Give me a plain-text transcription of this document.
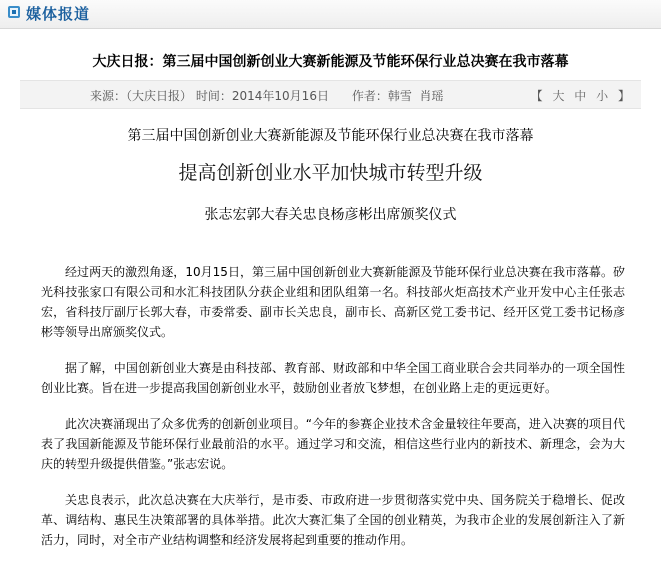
媒体报道
大庆日报：第三届中国创新创业大赛新能源及节能环保行业总决赛在我市落幕
来源：（大庆日报） 时间：2014年10月16日 作者：韩雪  肖瑶	【 大 中 小 】
第三届中国创新创业大赛新能源及节能环保行业总决赛在我市落幕
提高创新创业水平加快城市转型升级
张志宏郭大春关忠良杨彦彬出席颁奖仪式

经过两天的激烈角逐，10月15日，第三届中国创新创业大赛新能源及节能环保行业总决赛在我市落幕。矽光科技张家口有限公司和水汇科技团队分获企业组和团队组第一名。科技部火炬高技术产业开发中心主任张志宏，省科技厅副厅长郭大春，市委常委、副市长关忠良，副市长、高新区党工委书记、经开区党工委书记杨彦彬等领导出席颁奖仪式。

据了解，中国创新创业大赛是由科技部、教育部、财政部和中华全国工商业联合会共同举办的一项全国性创业比赛。旨在进一步提高我国创新创业水平，鼓励创业者放飞梦想，在创业路上走的更远更好。

此次决赛涌现出了众多优秀的创新创业项目。“今年的参赛企业技术含金量较往年要高，进入决赛的项目代表了我国新能源及节能环保行业最前沿的水平。通过学习和交流，相信这些行业内的新技术、新理念，会为大庆的转型升级提供借鉴。”张志宏说。

关忠良表示，此次总决赛在大庆举行，是市委、市政府进一步贯彻落实党中央、国务院关于稳增长、促改革、调结构、惠民生决策部署的具体举措。此次大赛汇集了全国的创业精英，为我市企业的发展创新注入了新活力，同时，对全市产业结构调整和经济发展将起到重要的推动作用。
